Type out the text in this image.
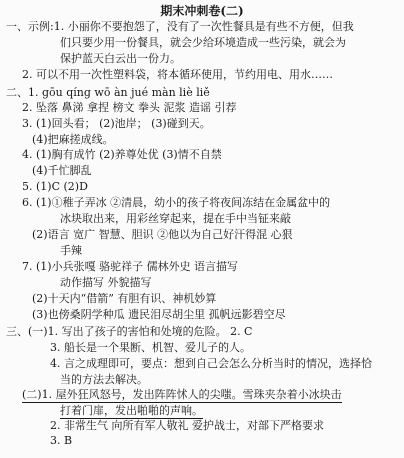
期末冲刺卷(二)
一、示例:1. 小丽你不要抱怨了，没有了一次性餐具是有些不方便，但我
们只要少用一份餐具，就会少给环境造成一些污染，就会为
保护蓝天白云出一份力。
2. 可以不用一次性塑料袋，将本循环使用，节约用电、用水……
二、1. gōu qíng wō àn jué màn liè liě
2. 坠落 鼻涕 拿捏 榜文 拳头 泥浆 造谣 引荐
3. (1)回头看； (2)池岸； (3)碰到天。
(4)把麻搓成线。
4. (1)胸有成竹 (2)养尊处优 (3)情不自禁
(4)千忙脚乱
5. (1)C (2)D
6. (1)①稚子弄冰 ②清晨，幼小的孩子将夜间冻结在金属盆中的
冰块取出来，用彩丝穿起来，提在手中当钲来敲
(2)语言 宽广 智慧、胆识 ②他以为自己好汗得混 心狠
手辣
7. (1)小兵张嘎 骆驼祥子 儒林外史 语言描写
动作描写 外貌描写
(2)十天内“借箭” 有胆有识、神机妙算
(3)也傍桑阴学种瓜 遗民泪尽胡尘里 孤帆远影碧空尽
三、(一)1. 写出了孩子的害怕和处境的危险。 2. C
3. 船长是一个果断、机智、爱儿子的人。
4. 言之成理即可，要点：想到自己会怎么分析当时的情况，选择恰
当的方法去解决。
(二)1. 屋外狂风怒号，发出阵阵怵人的尖嗤。雪珠夹杂着小冰块击
打着门扉，发出啪啪的声响。
2. 非常生气 向所有军人敬礼 爱护战士，对部下严格要求
3. B
